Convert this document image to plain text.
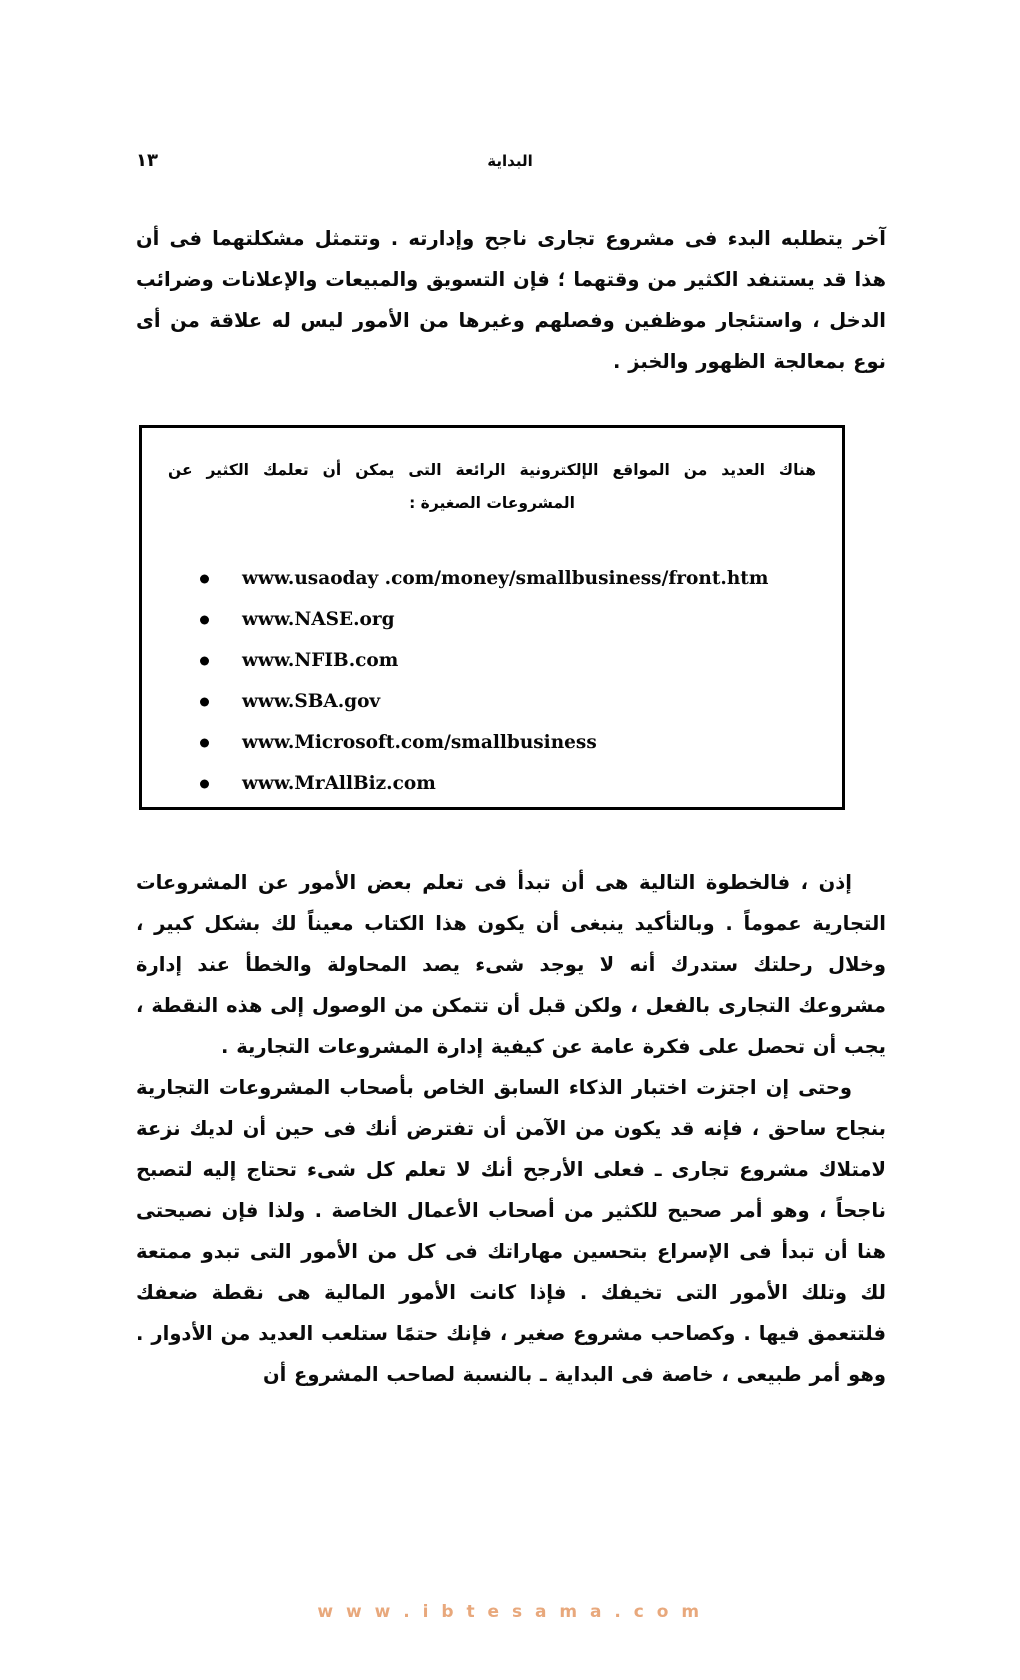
١٣	البداية

آخر يتطلبه البدء فى مشروع تجارى ناجح وإدارته . وتتمثل مشكلتهما فى أن هذا قد يستنفد الكثير من وقتهما ؛ فإن التسويق والمبيعات والإعلانات وضرائب الدخل ، واستئجار موظفين وفصلهم وغيرها من الأمور ليس له علاقة من أى نوع بمعالجة الظهور والخبز .

هناك العديد من المواقع الإلكترونية الرائعة التى يمكن أن تعلمك الكثير عن
المشروعات الصغيرة :

www.usaoday .com/money/smallbusiness/front.htm
www.NASE.org
www.NFIB.com
www.SBA.gov
www.Microsoft.com/smallbusiness
www.MrAllBiz.com

إذن ، فالخطوة التالية هى أن تبدأ فى تعلم بعض الأمور عن المشروعات التجارية عموماً . وبالتأكيد ينبغى أن يكون هذا الكتاب معيناً لك بشكل كبير ، وخلال رحلتك ستدرك أنه لا يوجد شىء يصد المحاولة والخطأ عند إدارة مشروعك التجارى بالفعل ، ولكن قبل أن تتمكن من الوصول إلى هذه النقطة ، يجب أن تحصل على فكرة عامة عن كيفية إدارة المشروعات التجارية .

وحتى إن اجتزت اختبار الذكاء السابق الخاص بأصحاب المشروعات التجارية بنجاح ساحق ، فإنه قد يكون من الآمن أن تفترض أنك فى حين أن لديك نزعة لامتلاك مشروع تجارى ـ فعلى الأرجح أنك لا تعلم كل شىء تحتاج إليه لتصبح ناجحاً ، وهو أمر صحيح للكثير من أصحاب الأعمال الخاصة . ولذا فإن نصيحتى هنا أن تبدأ فى الإسراع بتحسين مهاراتك فى كل من الأمور التى تبدو ممتعة لك وتلك الأمور التى تخيفك . فإذا كانت الأمور المالية هى نقطة ضعفك فلتتعمق فيها . وكصاحب مشروع صغير ، فإنك حتمًا ستلعب العديد من الأدوار . وهو أمر طبيعى ، خاصة فى البداية ـ بالنسبة لصاحب المشروع أن

w w w . i b t e s a m a . c o m
